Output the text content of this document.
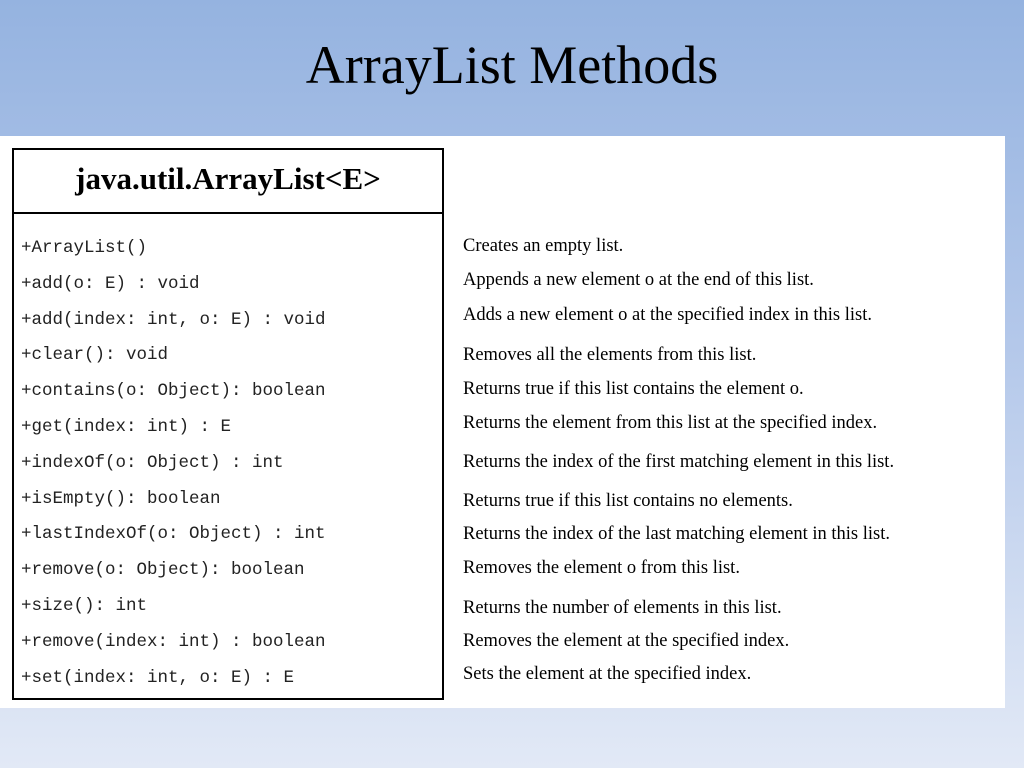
ArrayList Methods
java.util.ArrayList<E>
+ArrayList()
+add(o: E) : void
+add(index: int, o: E) : void
+clear(): void
+contains(o: Object): boolean
+get(index: int) : E
+indexOf(o: Object) : int
+isEmpty(): boolean
+lastIndexOf(o: Object) : int
+remove(o: Object): boolean
+size(): int
+remove(index: int) : boolean
+set(index: int, o: E) : E
Creates an empty list.
Appends a new element o at the end of this list.
Adds a new element o at the specified index in this list.
Removes all the elements from this list.
Returns true if this list contains the element o.
Returns the element from this list at the specified index.
Returns the index of the first matching element in this list.
Returns true if this list contains no elements.
Returns the index of the last matching element in this list.
Removes the element o from this list.
Returns the number of elements in this list.
Removes the element at the specified index.
Sets the element at the specified index.
